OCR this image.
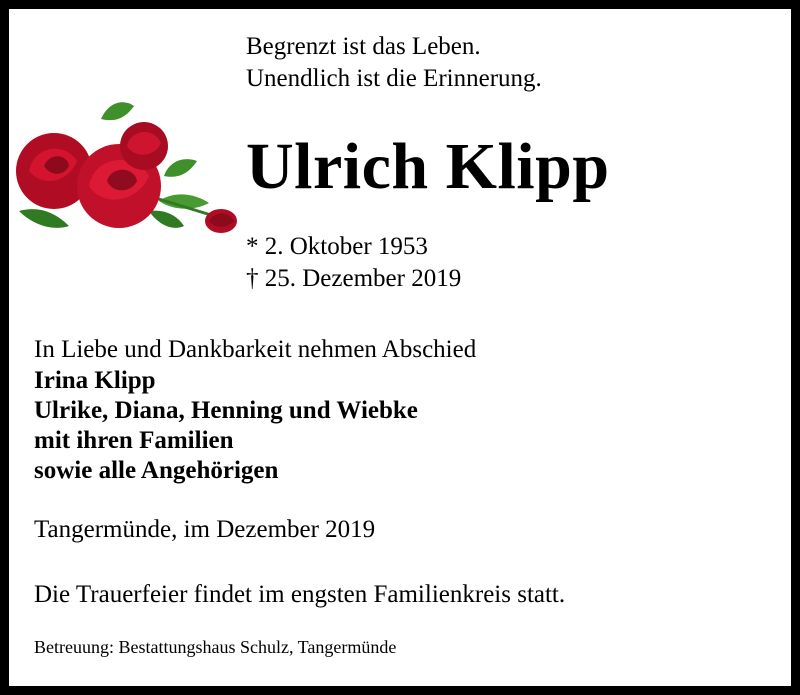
Begrenzt ist das Leben.
Unendlich ist die Erinnerung.
Ulrich Klipp
* 2. Oktober 1953
† 25. Dezember 2019
In Liebe und Dankbarkeit nehmen Abschied
Irina Klipp
Ulrike, Diana, Henning und Wiebke
mit ihren Familien
sowie alle Angehörigen
Tangermünde, im Dezember 2019
Die Trauerfeier findet im engsten Familienkreis statt.
Betreuung: Bestattungshaus Schulz, Tangermünde
